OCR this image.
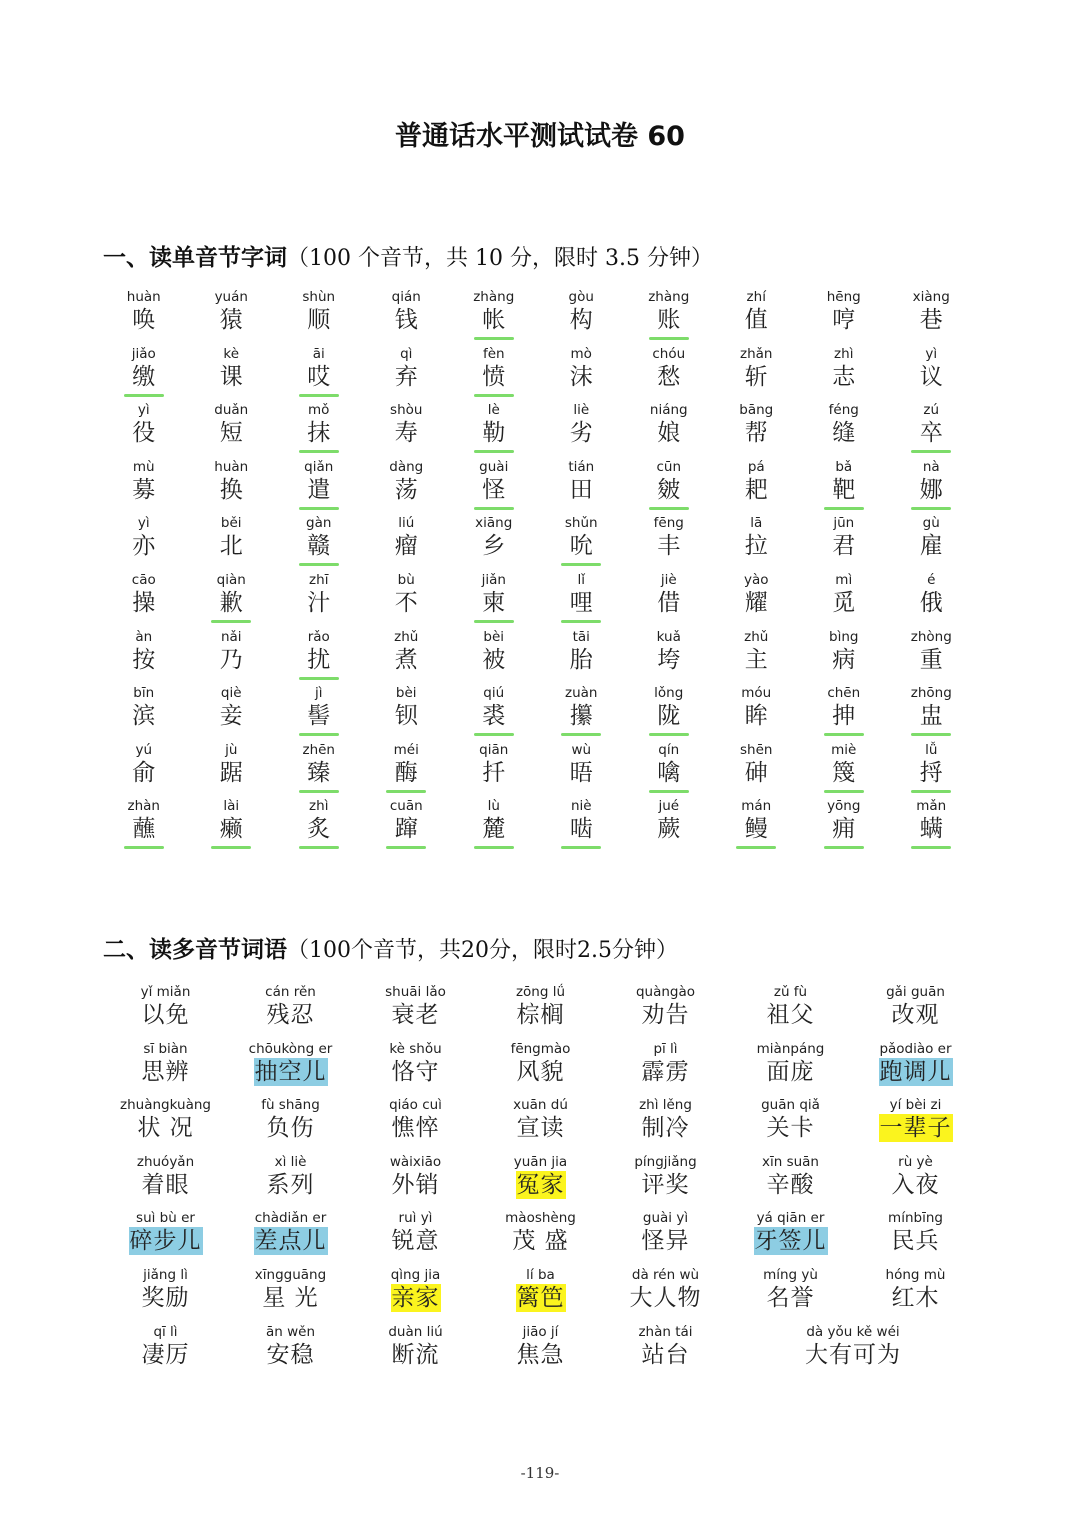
普通话水平测试试卷 60
一、读单音节字词（100 个音节，共 10 分，限时 3.5 分钟）
huàn
唤
yuán
猿
shùn
顺
qián
钱
zhàng
帐
gòu
构
zhàng
账
zhí
值
hēng
哼
xiàng
巷
jiǎo
缴
kè
课
āi
哎
qì
弃
fèn
愤
mò
沫
chóu
愁
zhǎn
斩
zhì
志
yì
议
yì
役
duǎn
短
mǒ
抹
shòu
寿
lè
勒
liè
劣
niáng
娘
bāng
帮
féng
缝
zú
卒
mù
募
huàn
换
qiǎn
遣
dàng
荡
guài
怪
tián
田
cūn
皴
pá
耙
bǎ
靶
nà
娜
yì
亦
běi
北
gàn
赣
liú
瘤
xiāng
乡
shǔn
吮
fēng
丰
lā
拉
jūn
君
gù
雇
cāo
操
qiàn
歉
zhī
汁
bù
不
jiǎn
柬
lǐ
哩
jiè
借
yào
耀
mì
觅
é
俄
àn
按
nǎi
乃
rǎo
扰
zhǔ
煮
bèi
被
tāi
胎
kuǎ
垮
zhǔ
主
bìng
病
zhòng
重
bīn
滨
qiè
妾
jì
髻
bèi
钡
qiú
裘
zuàn
攥
lǒng
陇
móu
眸
chēn
抻
zhōng
盅
yú
俞
jù
踞
zhēn
臻
méi
酶
qiān
扦
wù
晤
qín
噙
shēn
砷
miè
篾
lǚ
捋
zhàn
蘸
lài
癞
zhì
炙
cuān
蹿
lù
麓
niè
啮
jué
蕨
mán
鳗
yōng
痈
mǎn
螨
二、读多音节词语（100个音节，共20分，限时2.5分钟）
yǐ miǎn
以免
cán rěn
残忍
shuāi lǎo
衰老
zōng lǘ
棕榈
quàngào
劝告
zǔ fù
祖父
gǎi guān
改观
sī biàn
思辨
chōukòng er
抽空儿
kè shǒu
恪守
fēngmào
风貌
pī lì
霹雳
miànpáng
面庞
pǎodiào er
跑调儿
zhuàngkuàng
状 况
fù shāng
负伤
qiáo cuì
憔悴
xuān dú
宣读
zhì lěng
制冷
guān qiǎ
关卡
yí bèi zi
一辈子
zhuóyǎn
着眼
xì liè
系列
wàixiāo
外销
yuān jia
冤家
píngjiǎng
评奖
xīn suān
辛酸
rù yè
入夜
suì bù er
碎步儿
chàdiǎn er
差点儿
ruì yì
锐意
màoshèng
茂 盛
guài yì
怪异
yá qiān er
牙签儿
mínbīng
民兵
jiǎng lì
奖励
xīngguāng
星 光
qìng jia
亲家
lí ba
篱笆
dà rén wù
大人物
míng yù
名誉
hóng mù
红木
qī lì
凄厉
ān wěn
安稳
duàn liú
断流
jiāo jí
焦急
zhàn tái
站台
dà yǒu kě wéi
大有可为
-119-
